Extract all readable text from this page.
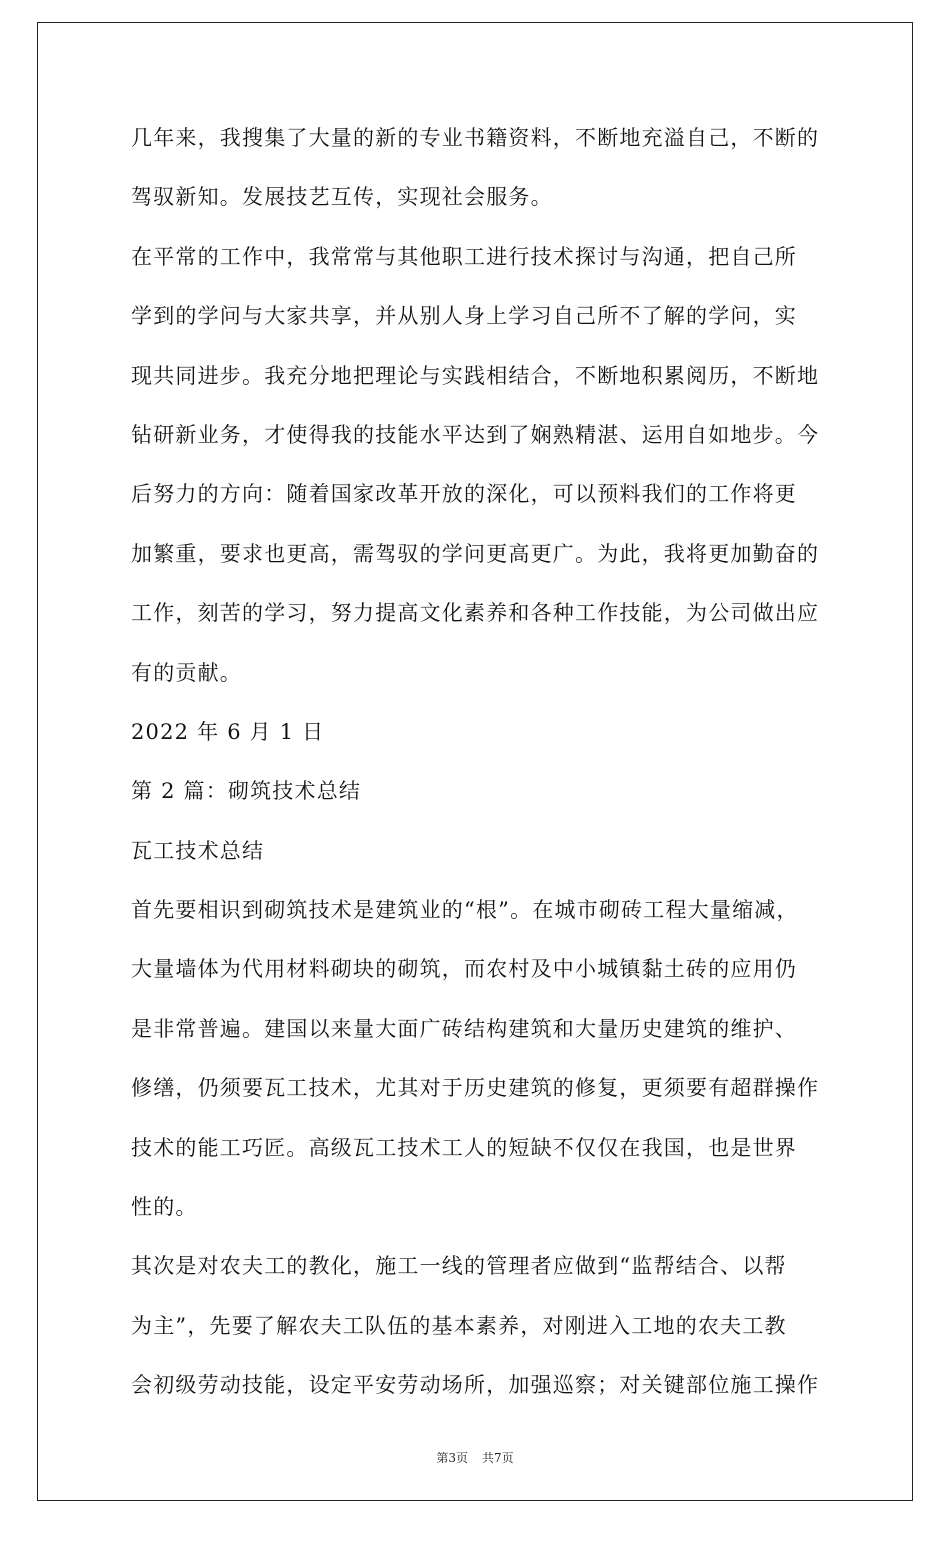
几年来，我搜集了大量的新的专业书籍资料，不断地充溢自己，不断的
驾驭新知。发展技艺互传，实现社会服务。
在平常的工作中，我常常与其他职工进行技术探讨与沟通，把自己所
学到的学问与大家共享，并从别人身上学习自己所不了解的学问，实
现共同进步。我充分地把理论与实践相结合，不断地积累阅历，不断地
钻研新业务，才使得我的技能水平达到了娴熟精湛、运用自如地步。今
后努力的方向：随着国家改革开放的深化，可以预料我们的工作将更
加繁重，要求也更高，需驾驭的学问更高更广。为此，我将更加勤奋的
工作，刻苦的学习，努力提高文化素养和各种工作技能，为公司做出应
有的贡献。
2022 年 6 月 1 日
第 2 篇：砌筑技术总结
瓦工技术总结
首先要相识到砌筑技术是建筑业的“根”。在城市砌砖工程大量缩减，
大量墙体为代用材料砌块的砌筑，而农村及中小城镇黏土砖的应用仍
是非常普遍。建国以来量大面广砖结构建筑和大量历史建筑的维护、
修缮，仍须要瓦工技术，尤其对于历史建筑的修复，更须要有超群操作
技术的能工巧匠。高级瓦工技术工人的短缺不仅仅在我国，也是世界
性的。
其次是对农夫工的教化，施工一线的管理者应做到“监帮结合、以帮
为主”，先要了解农夫工队伍的基本素养，对刚进入工地的农夫工教
会初级劳动技能，设定平安劳动场所，加强巡察；对关键部位施工操作
第3页 共7页
